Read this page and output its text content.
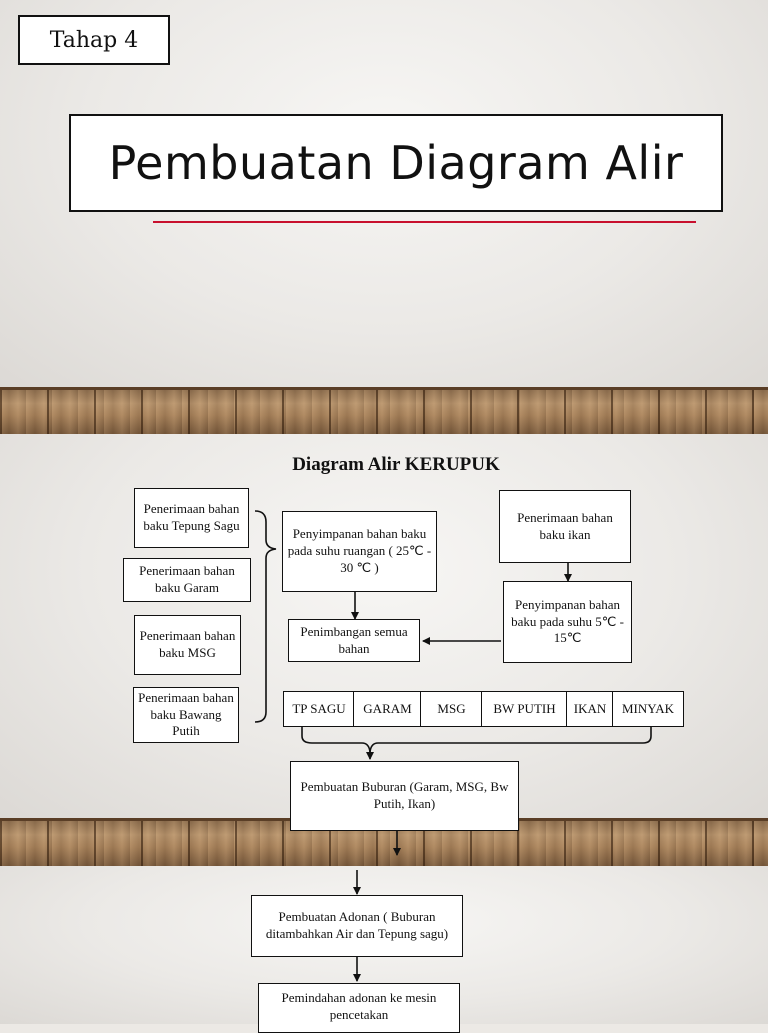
Tahap 4
Pembuatan Diagram Alir
Diagram Alir KERUPUK
Penerimaan bahan baku Tepung Sagu
Penerimaan bahan baku Garam
Penerimaan bahan baku MSG
Penerimaan bahan baku Bawang Putih
Penyimpanan bahan baku pada suhu ruangan ( 25℃ - 30 ℃ )
Penerimaan bahan baku ikan
Penyimpanan bahan baku pada suhu 5℃ - 15℃
Penimbangan semua bahan
TP SAGU	GARAM	MSG	BW PUTIH	IKAN	MINYAK
Pembuatan Buburan (Garam, MSG, Bw Putih, Ikan)
Pembuatan Adonan ( Buburan ditambahkan Air dan Tepung sagu)
Pemindahan adonan ke mesin pencetakan
